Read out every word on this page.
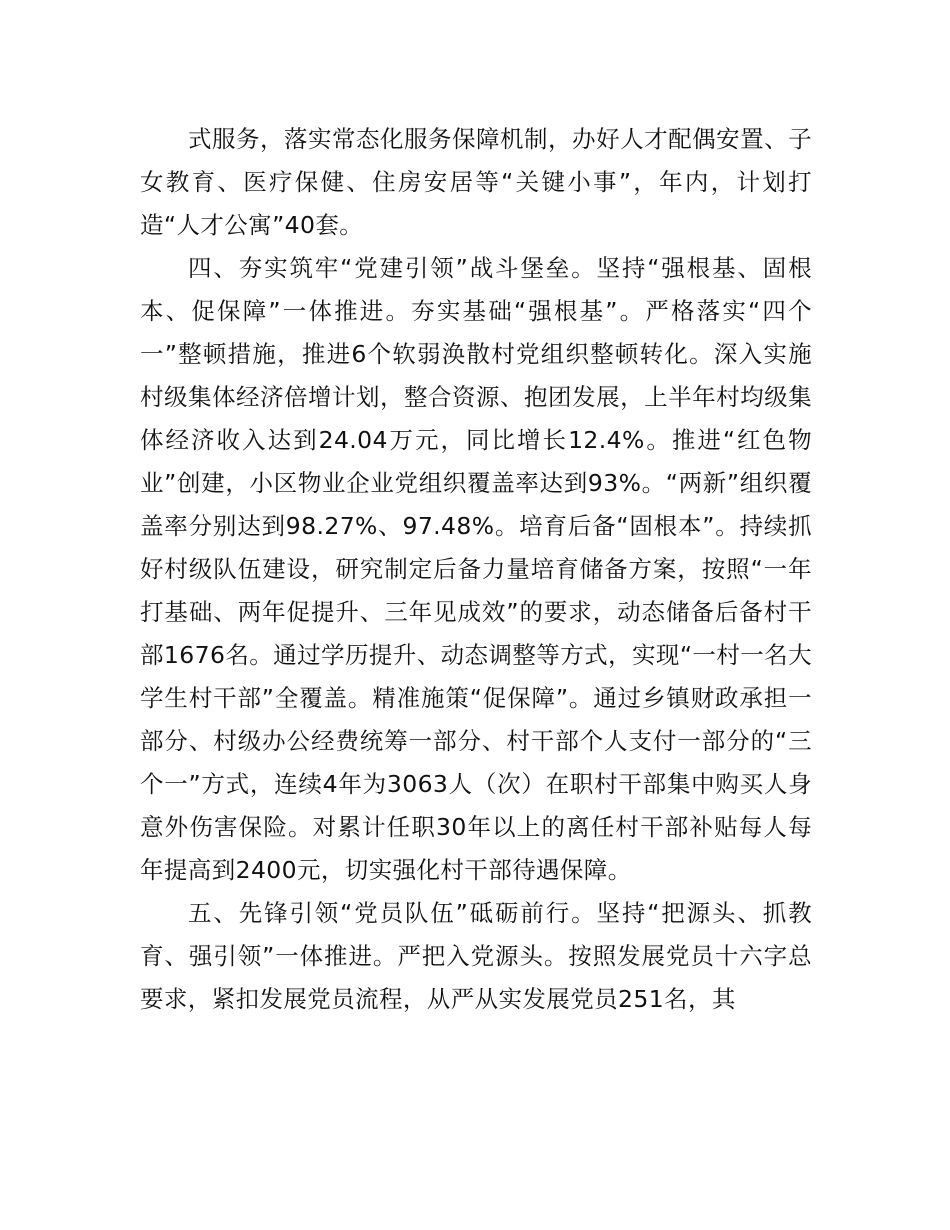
式服务，落实常态化服务保障机制，办好人才配偶安置、子女教育、医疗保健、住房安居等“关键小事”，年内，计划打造“人才公寓”40套。

四、夯实筑牢“党建引领”战斗堡垒。坚持“强根基、固根本、促保障”一体推进。夯实基础“强根基”。严格落实“四个一”整顿措施，推进6个软弱涣散村党组织整顿转化。深入实施村级集体经济倍增计划，整合资源、抱团发展，上半年村均级集体经济收入达到24.04万元，同比增长12.4%。推进“红色物业”创建，小区物业企业党组织覆盖率达到93%。“两新”组织覆盖率分别达到98.27%、97.48%。培育后备“固根本”。持续抓好村级队伍建设，研究制定后备力量培育储备方案，按照“一年打基础、两年促提升、三年见成效”的要求，动态储备后备村干部1676名。通过学历提升、动态调整等方式，实现“一村一名大学生村干部”全覆盖。精准施策“促保障”。通过乡镇财政承担一部分、村级办公经费统筹一部分、村干部个人支付一部分的“三个一”方式，连续4年为3063人（次）在职村干部集中购买人身意外伤害保险。对累计任职30年以上的离任村干部补贴每人每年提高到2400元，切实强化村干部待遇保障。

五、先锋引领“党员队伍”砥砺前行。坚持“把源头、抓教育、强引领”一体推进。严把入党源头。按照发展党员十六字总要求，紧扣发展党员流程，从严从实发展党员251名，其
